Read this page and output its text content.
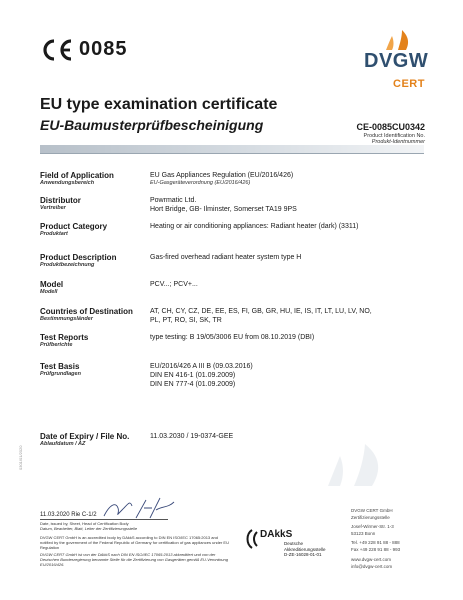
0085
DVGW
CERT
EU type examination certificate
EU-Baumusterprüfbescheinigung	CE-0085CU0342
Product Identification No.
Produkt-Identnummer
Field of Application
Anwendungsbereich
EU Gas Appliances Regulation (EU/2016/426)
EU-Gasgeräteverordnung (EU/2016/426)
Distributor
Vertreiber
Powrmatic Ltd.
Hort Bridge, GB- Ilminster, Somerset TA19 9PS
Product Category
Produktart
Heating or air conditioning appliances: Radiant heater (dark) (3311)
Product Description
Produktbezeichnung
Gas-fired overhead radiant heater system type H
Model
Modell
PCV...; PCV+...
Countries of Destination
Bestimmungsländer
AT, CH, CY, CZ, DE, EE, ES, FI, GB, GR, HU, IE, IS, IT, LT, LU, LV, NO,
PL, PT, RO, SI, SK, TR
Test Reports
Prüfberichte
type testing: B 19/05/3006 EU from 08.10.2019 (DBI)
Test Basis
Prüfgrundlagen
EU/2016/426 A III B (09.03.2016)
DIN EN 416-1 (01.09.2009)
DIN EN 777-4 (01.09.2009)
Date of Expiry / File No.
Ablaufdatum / AZ
11.03.2030 / 19-0374-GEE
0301/01/2020
11.03.2020 Rie C-1/2
Date, issued by, Sheet, Head of Certification Body
Datum, Bearbeiter, Blatt, Leiter der Zertifizierungsstelle
DVGW CERT GmbH is an accredited body by DAkkS according to DIN EN ISO/IEC 17065:2013 and notified by the government of the Federal Republic of Germany for certification of gas appliances under EU Regulation
DVGW CERT GmbH ist von der DAkkS nach DIN EN ISO/IEC 17065:2013 akkreditiert und von der Deutschen Bundesregierung benannte Stelle für die Zertifizierung von Gasgeräten gemäß EU-Verordnung EU/2016/426.
DAkkS
Deutsche
Akkreditierungsstelle
D-ZE-16028-01-01
DVGW CERT GmbH
Zertifizierungsstelle
Josef-Wirmer-Str. 1-3
53123 Bonn
Tel. +49 228 91 88 - 888
Fax +49 228 91 88 - 993
www.dvgw-cert.com
info@dvgw-cert.com
